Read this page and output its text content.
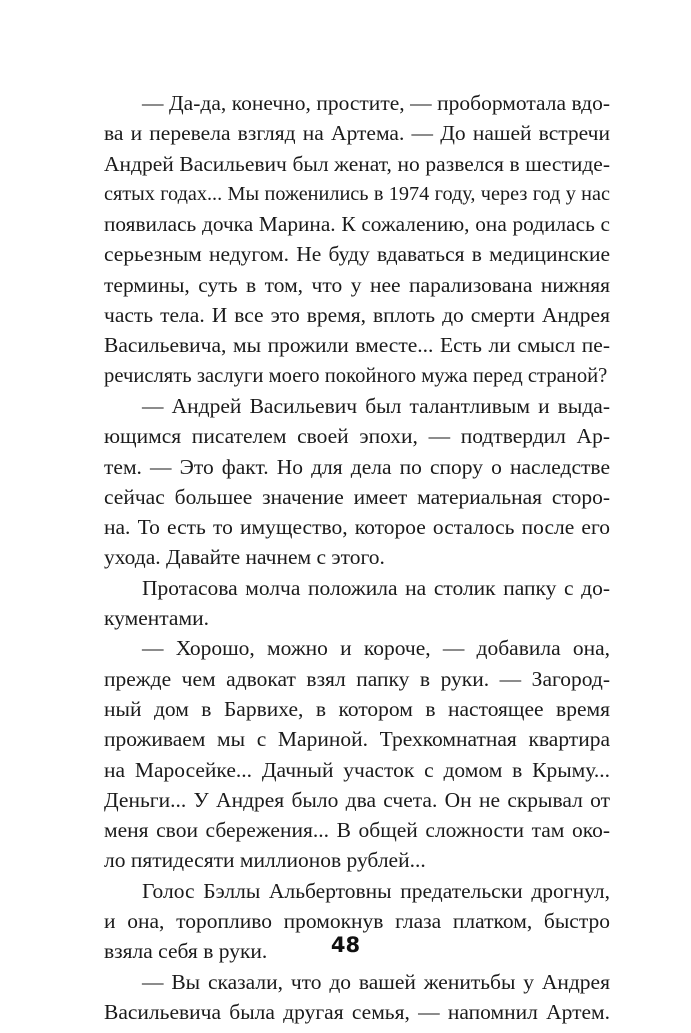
— Да-да, конечно, простите, — пробормотала вдо-
ва и перевела взгляд на Артема. — До нашей встречи
Андрей Васильевич был женат, но развелся в шестиде-
сятых годах... Мы поженились в 1974 году, через год у нас
появилась дочка Марина. К сожалению, она родилась с
серьезным недугом. Не буду вдаваться в медицинские
термины, суть в том, что у нее парализована нижняя
часть тела. И все это время, вплоть до смерти Андрея
Васильевича, мы прожили вместе... Есть ли смысл пе-
речислять заслуги моего покойного мужа перед страной?
— Андрей Васильевич был талантливым и выда-
ющимся писателем своей эпохи, — подтвердил Ар-
тем. — Это факт. Но для дела по спору о наследстве
сейчас большее значение имеет материальная сторо-
на. То есть то имущество, которое осталось после его
ухода. Давайте начнем с этого.
Протасова молча положила на столик папку с до-
кументами.
— Хорошо, можно и короче, — добавила она,
прежде чем адвокат взял папку в руки. — Загород-
ный дом в Барвихе, в котором в настоящее время
проживаем мы с Мариной. Трехкомнатная квартира
на Маросейке... Дачный участок с домом в Крыму...
Деньги... У Андрея было два счета. Он не скрывал от
меня свои сбережения... В общей сложности там око-
ло пятидесяти миллионов рублей...
Голос Бэллы Альбертовны предательски дрогнул,
и она, торопливо промокнув глаза платком, быстро
взяла себя в руки.
— Вы сказали, что до вашей женитьбы у Андрея
Васильевича была другая семья, — напомнил Артем.
48
